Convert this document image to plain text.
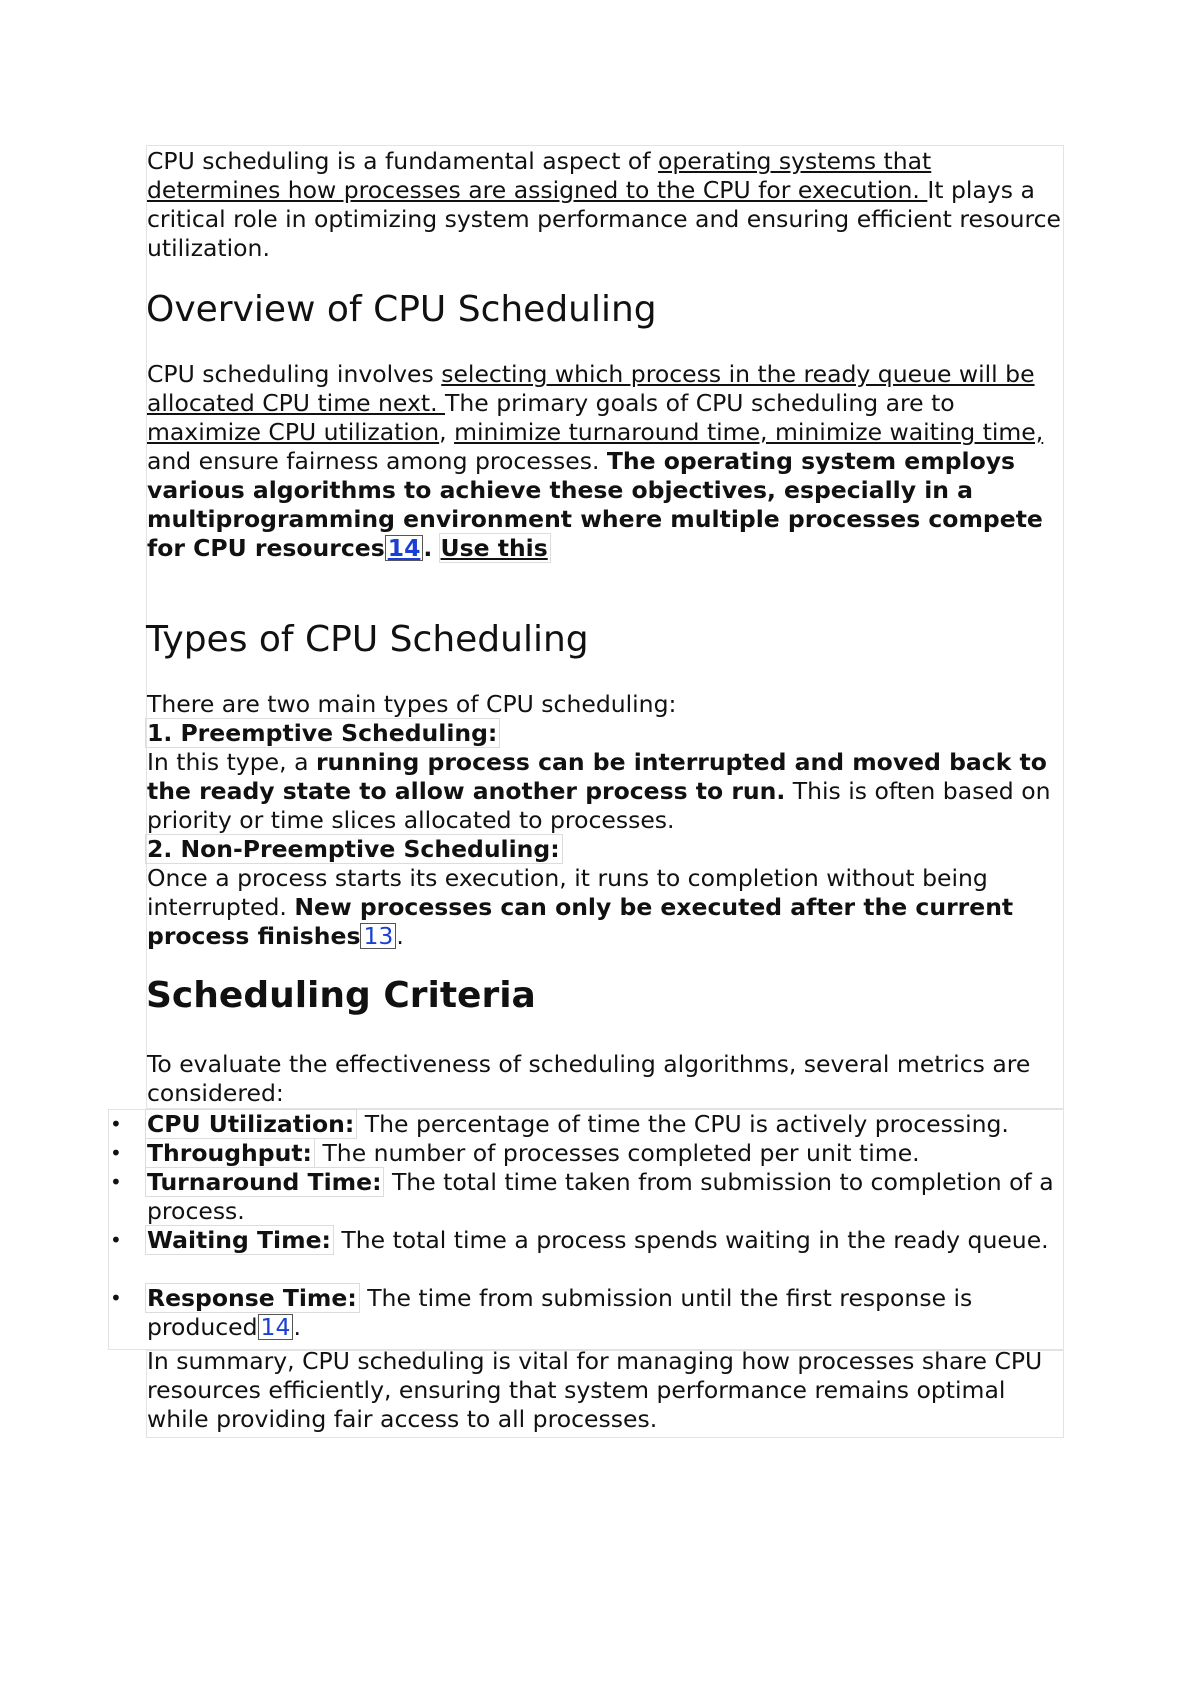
CPU scheduling is a fundamental aspect of operating systems that determines how processes are assigned to the CPU for execution. It plays a critical role in optimizing system performance and ensuring efficient resource utilization.
Overview of CPU Scheduling
CPU scheduling involves selecting which process in the ready queue will be allocated CPU time next. The primary goals of CPU scheduling are to maximize CPU utilization, minimize turnaround time, minimize waiting time, and ensure fairness among processes. The operating system employs various algorithms to achieve these objectives, especially in a multiprogramming environment where multiple processes compete for CPU resources 14 . Use this
Types of CPU Scheduling
There are two main types of CPU scheduling:
1. Preemptive Scheduling:
In this type, a running process can be interrupted and moved back to the ready state to allow another process to run. This is often based on priority or time slices allocated to processes.
2. Non-Preemptive Scheduling:
Once a process starts its execution, it runs to completion without being interrupted. New processes can only be executed after the current process finishes 13 .
Scheduling Criteria
To evaluate the effectiveness of scheduling algorithms, several metrics are considered:
• CPU Utilization: The percentage of time the CPU is actively processing.
• Throughput: The number of processes completed per unit time.
• Turnaround Time: The total time taken from submission to completion of a process.
• Waiting Time: The total time a process spends waiting in the ready queue.
• Response Time: The time from submission until the first response is produced 14 .
In summary, CPU scheduling is vital for managing how processes share CPU resources efficiently, ensuring that system performance remains optimal while providing fair access to all processes.
